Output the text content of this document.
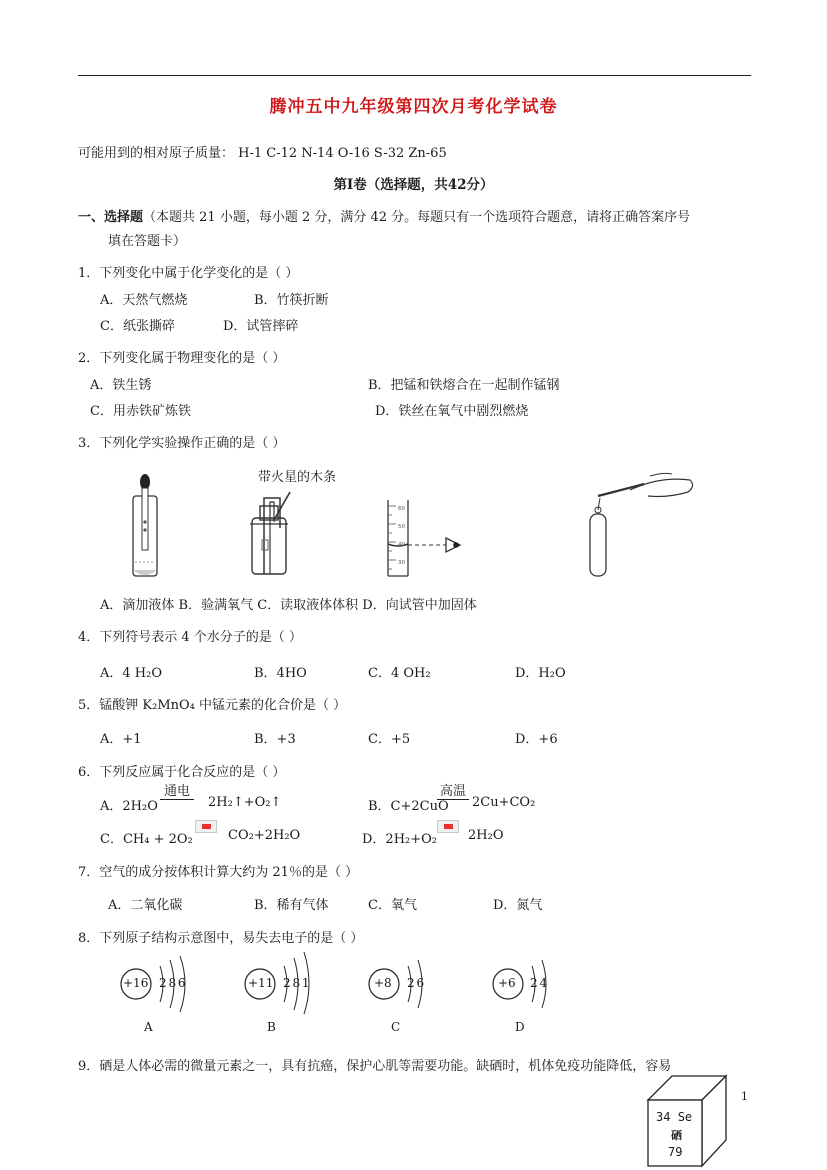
腾冲五中九年级第四次月考化学试卷
可能用到的相对原子质量： H-1 C-12 N-14 O-16 S-32 Zn-65
第Ⅰ卷（选择题，共42分）
一、选择题（本题共 21 小题，每小题 2 分，满分 42 分。每题只有一个选项符合题意，请将正确答案序号
填在答题卡）
1．下列变化中属于化学变化的是（ ）
A．天然气燃烧	B．竹筷折断
C．纸张撕碎	D．试管摔碎
2．下列变化属于物理变化的是（ ）
A．铁生锈	B．把锰和铁熔合在一起制作锰钢
C．用赤铁矿炼铁	D．铁丝在氧气中剧烈燃烧
3．下列化学实验操作正确的是（ ）
带火星的木条
60
50
40
30
A．滴加液体 B．验满氧气 C．读取液体体积 D．向试管中加固体
4．下列符号表示 4 个水分子的是（ ）
A．4 H₂O	B．4HO	C．4 OH₂	D．H₂O
5．锰酸钾 K₂MnO₄ 中锰元素的化合价是（ ）
A．+1	B．+3	C．+5	D．+6
6．下列反应属于化合反应的是（ ）
A．2H₂O
通电
2H₂↑+O₂↑	B．C+2CuO
高温
2Cu+CO₂
C．CH₄ + 2O₂	CO₂+2H₂O	D．2H₂+O₂ 2H₂O
7．空气的成分按体积计算大约为 21％的是（ ）
A．二氧化碳	B．稀有气体	C．氧气	D．氮气
8．下列原子结构示意图中，易失去电子的是（ ）
+16 2 8 6
A
+11 2 8 1
B
+8 2 6
C
+6 2 4
D
9．硒是人体必需的微量元素之一，具有抗癌，保护心肌等需要功能。缺硒时，机体免疫功能降低，容易
1
34 Se
硒
79
